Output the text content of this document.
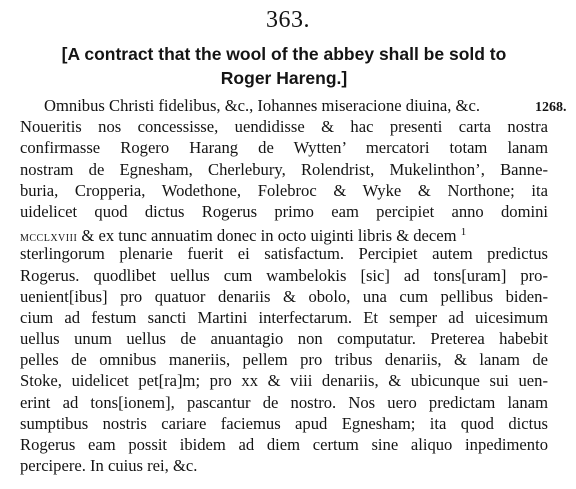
363.
[A contract that the wool of the abbey shall be sold to
Roger Hareng.]
1268.
Omnibus Christi fidelibus, &c., Iohannes miseracione diuina, &c.
Noueritis nos concessisse, uendidisse & hac presenti carta nostra
confirmasse Rogero Harang de Wytten’ mercatori totam lanam
nostram de Egnesham, Cherlebury, Rolendrist, Mukelinthon’, Banne-
buria, Cropperia, Wodethone, Folebroc & Wyke & Northone; ita
uidelicet quod dictus Rogerus primo eam percipiet anno domini
mcclxviii & ex tunc annuatim donec in octo uiginti libris & decem $^1$
sterlingorum plenarie fuerit ei satisfactum. Percipiet autem predictus
Rogerus. quodlibet uellus cum wambelokis [sic] ad tons[uram] pro-
uenient[ibus] pro quatuor denariis & obolo, una cum pellibus biden-
cium ad festum sancti Martini interfectarum. Et semper ad uicesimum
uellus unum uellus de anuantagio non computatur. Preterea habebit
pelles de omnibus maneriis, pellem pro tribus denariis, & lanam de
Stoke, uidelicet pet[ra]m; pro xx & viii denariis, & ubicunque sui uen-
erint ad tons[ionem], pascantur de nostro. Nos uero predictam lanam
sumptibus nostris cariare faciemus apud Egnesham; ita quod dictus
Rogerus eam possit ibidem ad diem certum sine aliquo inpedimento
percipere. In cuius rei, &c.
